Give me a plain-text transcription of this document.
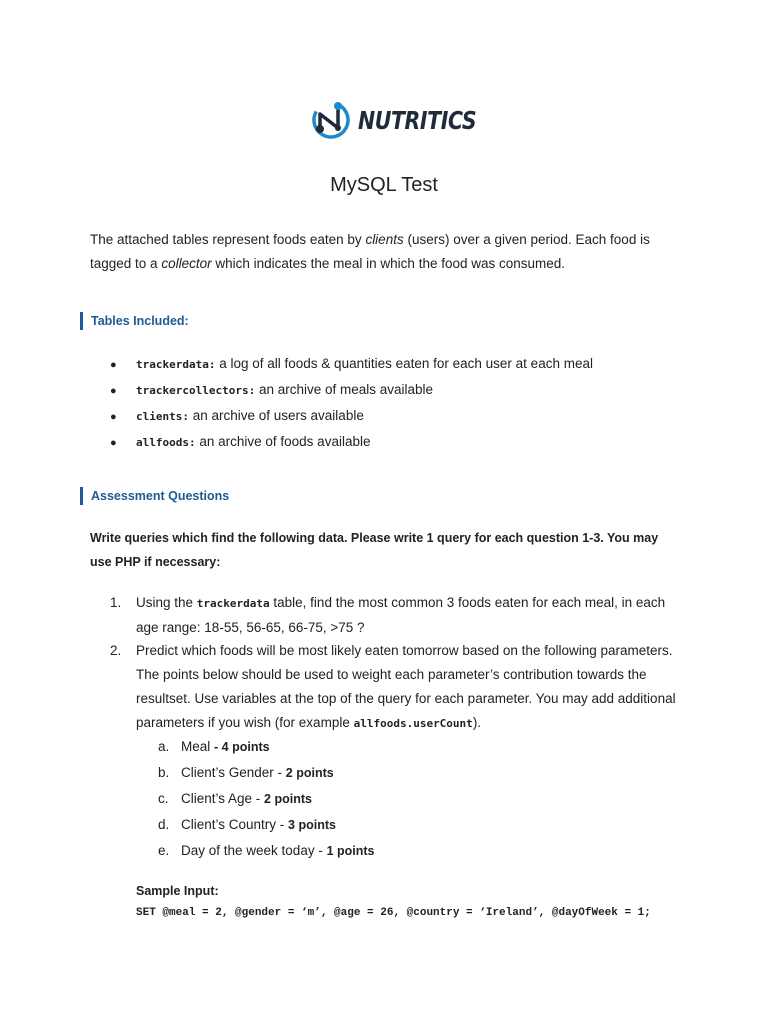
NUTRITICS
MySQL Test
The attached tables represent foods eaten by clients (users) over a given period. Each food is tagged to a collector which indicates the meal in which the food was consumed.
Tables Included:
● trackerdata: a log of all foods & quantities eaten for each user at each meal
● trackercollectors: an archive of meals available
● clients: an archive of users available
● allfoods: an archive of foods available
Assessment Questions
Write queries which find the following data. Please write 1 query for each question 1-3. You may use PHP if necessary:
1. Using the trackerdata table, find the most common 3 foods eaten for each meal, in each age range: 18-55, 56-65, 66-75, >75 ?
2. Predict which foods will be most likely eaten tomorrow based on the following parameters. The points below should be used to weight each parameter’s contribution towards the resultset. Use variables at the top of the query for each parameter. You may add additional parameters if you wish (for example allfoods.userCount).
a. Meal - 4 points
b. Client’s Gender - 2 points
c. Client’s Age - 2 points
d. Client’s Country - 3 points
e. Day of the week today - 1 points
Sample Input:
SET @meal = 2, @gender = ‘m’, @age = 26, @country = ‘Ireland’, @dayOfWeek = 1;
